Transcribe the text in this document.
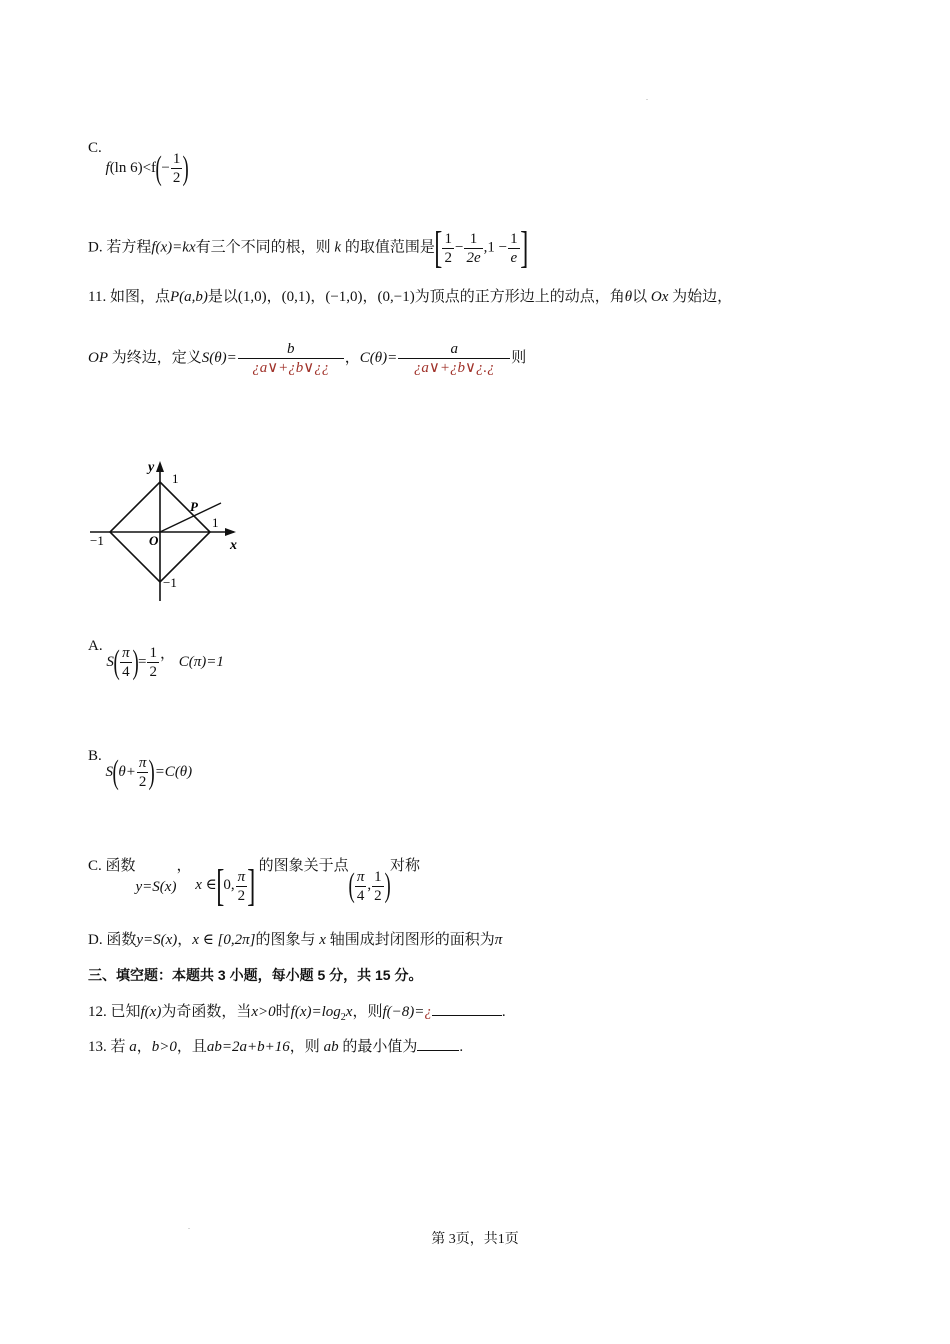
.
C. f(ln $6)<f(- \frac{1}{2}$ )
D. 若方程f(x)=kx有三个不同的根，则 k 的取值范围是[ $\frac{1}{2} - \frac{1}{2e} ,1 - \frac{1}{e}$ ]
11. 如图，点P(a,b)是以(1,0)，(0,1)，(−1,0)，(0,−1)为顶点的正方形边上的动点，角θ以 Ox 为始边，
OP 为终边，定义$S(\theta)= \frac{b}{¿a\vee+¿b\vee¿¿}$ ，$C(\theta)= \frac{a}{¿a\vee+¿b\vee¿.¿}$ 则
y
x
O
P
1
1
−1
−1
A. $S( \frac{\pi}{4}$ )= $\frac{1}{2}$ ， C(π)=1
B. $S(\theta+ \frac{\pi}{2} )=C(\theta)$
C. 函数y=S(x)， x ∈[0, $\frac{\pi}{2}$ ] 的图象关于点( $\frac{\pi}{4}$ , $\frac{1}{2}$ )对称
D. 函数y=S(x)，x ∈ [0,2π]的图象与 x 轴围成封闭图形的面积为π
三、填空题：本题共 3 小题，每小题 5 分，共 15 分。
12. 已知f(x)为奇函数，当x>0时$f(x)=\log_2x$，则f(−8)=¿	.
13. 若 a，b>0，且ab=2a+b+16，则 ab 的最小值为	.
.
第 3页，共1页
